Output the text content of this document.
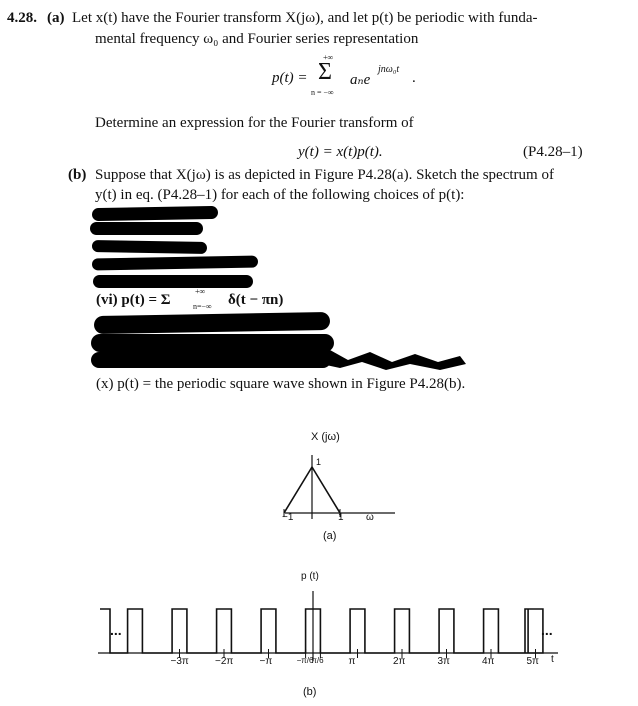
4.28. (a) Let x(t) have the Fourier transform X(jω), and let p(t) be periodic with funda-
mental frequency ω₀ and Fourier series representation
p(t) =
+∞
Σ
n = −∞
aₙe
jnω₀t
.
Determine an expression for the Fourier transform of
y(t) = x(t)p(t).	(P4.28–1)
(b) Suppose that X(jω) is as depicted in Figure P4.28(a). Sketch the spectrum of
y(t) in eq. (P4.28–1) for each of the following choices of p(t):
(vi) p(t) = Σ
+∞
n=−∞ δ(t − πn)
(x) p(t) = the periodic square wave shown in Figure P4.28(b).
X (jω)
1
−1	1 ω
(a)
p (t)
...	...
−3π	−2π	−π	−π/6
π/6 π	2π	3π	4π	5π t
(b)
